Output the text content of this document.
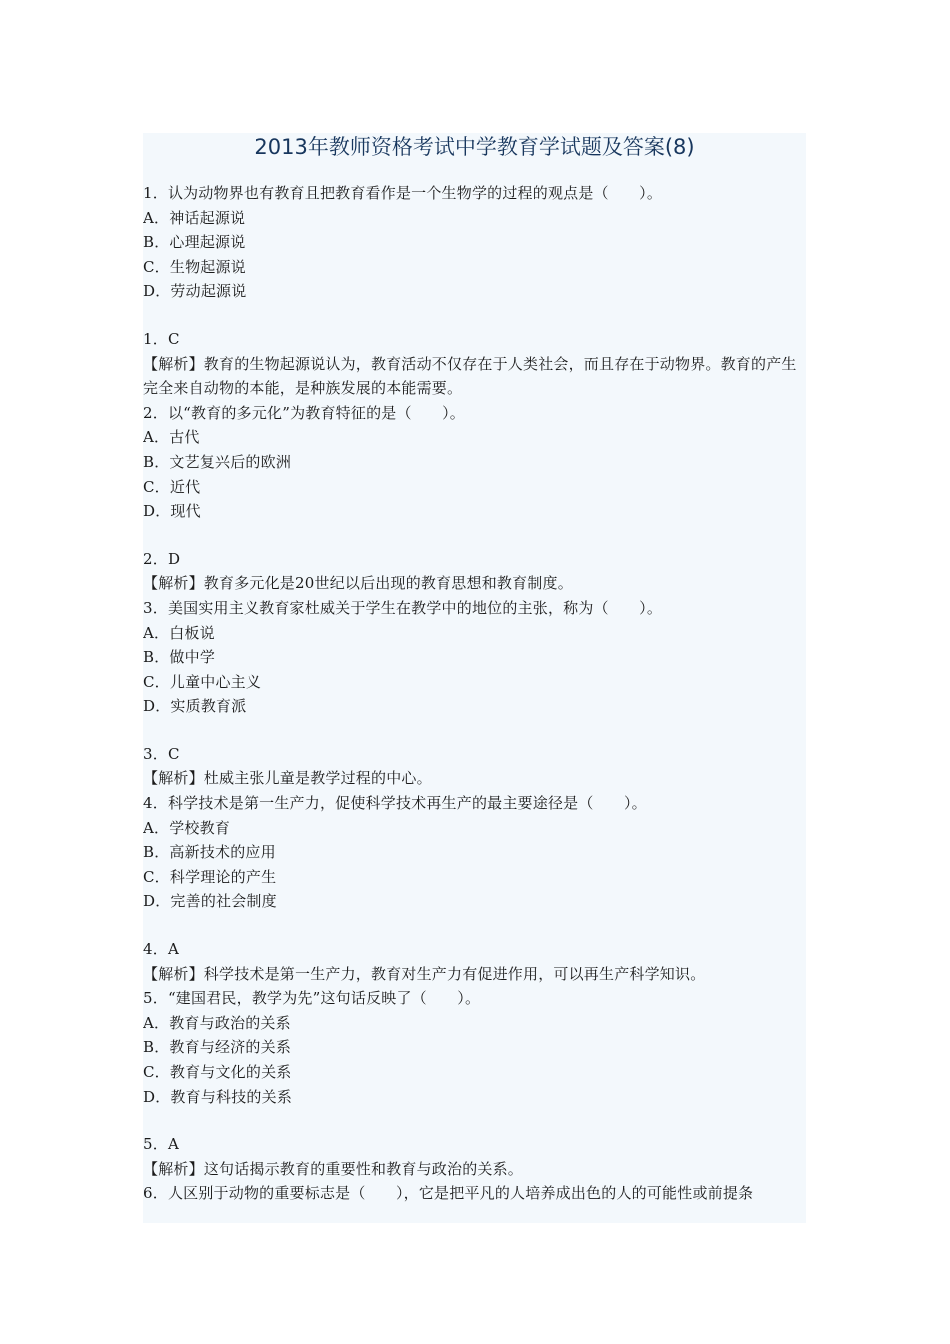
2013年教师资格考试中学教育学试题及答案(8)
1．认为动物界也有教育且把教育看作是一个生物学的过程的观点是（　　）。
A．神话起源说
B．心理起源说
C．生物起源说
D．劳动起源说
1．C
【解析】教育的生物起源说认为，教育活动不仅存在于人类社会，而且存在于动物界。教育的产生完全来自动物的本能，是种族发展的本能需要。
2．以“教育的多元化”为教育特征的是（　　）。
A．古代
B．文艺复兴后的欧洲
C．近代
D．现代
2．D
【解析】教育多元化是20世纪以后出现的教育思想和教育制度。
3．美国实用主义教育家杜威关于学生在教学中的地位的主张，称为（　　）。
A．白板说
B．做中学
C．儿童中心主义
D．实质教育派
3．C
【解析】杜威主张儿童是教学过程的中心。
4．科学技术是第一生产力，促使科学技术再生产的最主要途径是（　　）。
A．学校教育
B．高新技术的应用
C．科学理论的产生
D．完善的社会制度
4．A
【解析】科学技术是第一生产力，教育对生产力有促进作用，可以再生产科学知识。
5．“建国君民，教学为先”这句话反映了（　　）。
A．教育与政治的关系
B．教育与经济的关系
C．教育与文化的关系
D．教育与科技的关系
5．A
【解析】这句话揭示教育的重要性和教育与政治的关系。
6．人区别于动物的重要标志是（　　），它是把平凡的人培养成出色的人的可能性或前提条
